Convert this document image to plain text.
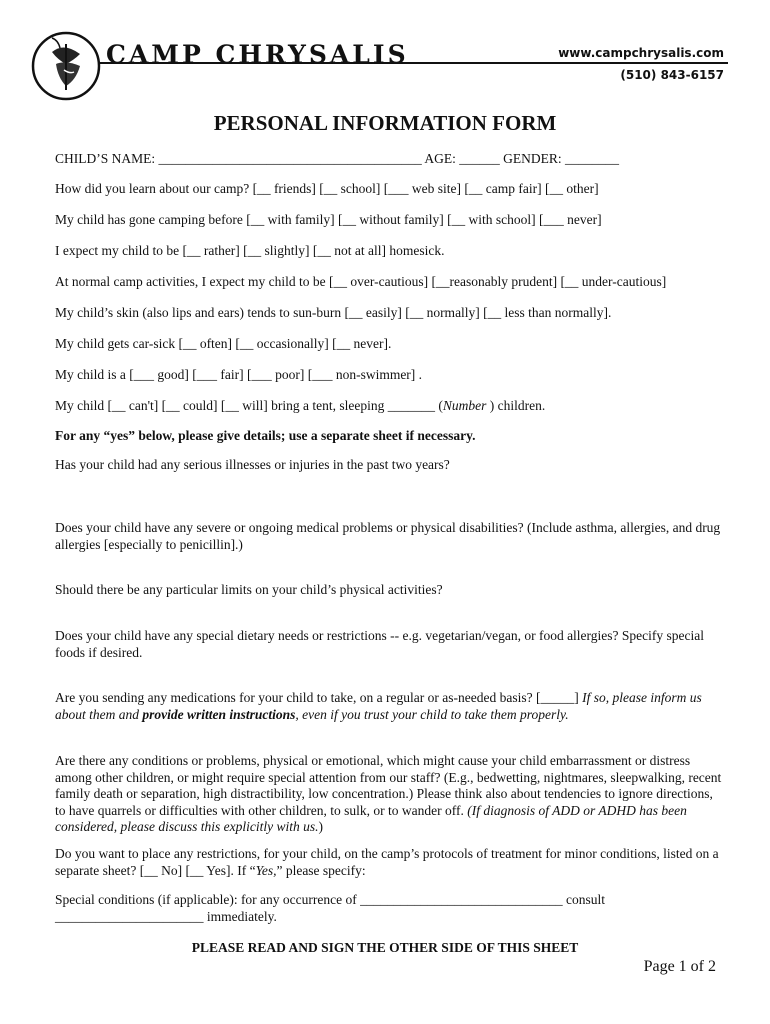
CAMP CHRYSALIS	www.campchrysalis.com
(510) 843-6157
PERSONAL INFORMATION FORM
CHILD’S NAME: _______________________________________ AGE: ______ GENDER: ________
How did you learn about our camp? [__ friends] [__ school] [___ web site] [__ camp fair] [__ other]
My child has gone camping before [__ with family] [__ without family] [__ with school] [___ never]
I expect my child to be [__ rather] [__ slightly] [__ not at all] homesick.
At normal camp activities, I expect my child to be [__ over-cautious] [__reasonably prudent] [__ under-cautious]
My child’s skin (also lips and ears) tends to sun-burn [__ easily] [__ normally] [__ less than normally].
My child gets car-sick [__ often] [__ occasionally] [__ never].
My child is a [___ good] [___ fair] [___ poor] [___ non-swimmer] .
My child [__ can't] [__ could] [__ will] bring a tent, sleeping _______ (Number ) children.
For any “yes” below, please give details; use a separate sheet if necessary.
Has your child had any serious illnesses or injuries in the past two years?
Does your child have any severe or ongoing medical problems or physical disabilities? (Include asthma, allergies, and drug allergies [especially to penicillin].)
Should there be any particular limits on your child’s physical activities?
Does your child have any special dietary needs or restrictions -- e.g. vegetarian/vegan, or food allergies? Specify special foods if desired.
Are you sending any medications for your child to take, on a regular or as-needed basis? [_____] If so, please inform us about them and provide written instructions, even if you trust your child to take them properly.
Are there any conditions or problems, physical or emotional, which might cause your child embarrassment or distress among other children, or might require special attention from our staff? (E.g., bedwetting, nightmares, sleepwalking, recent family death or separation, high distractibility, low concentration.) Please think also about tendencies to ignore directions, to have quarrels or difficulties with other children, to sulk, or to wander off. (If diagnosis of ADD or ADHD has been considered, please discuss this explicitly with us.)
Do you want to place any restrictions, for your child, on the camp’s protocols of treatment for minor conditions, listed on a separate sheet? [__ No] [__ Yes]. If “Yes,” please specify:
Special conditions (if applicable): for any occurrence of ______________________________ consult ______________________ immediately.
PLEASE READ AND SIGN THE OTHER SIDE OF THIS SHEET
Page 1 of 2
